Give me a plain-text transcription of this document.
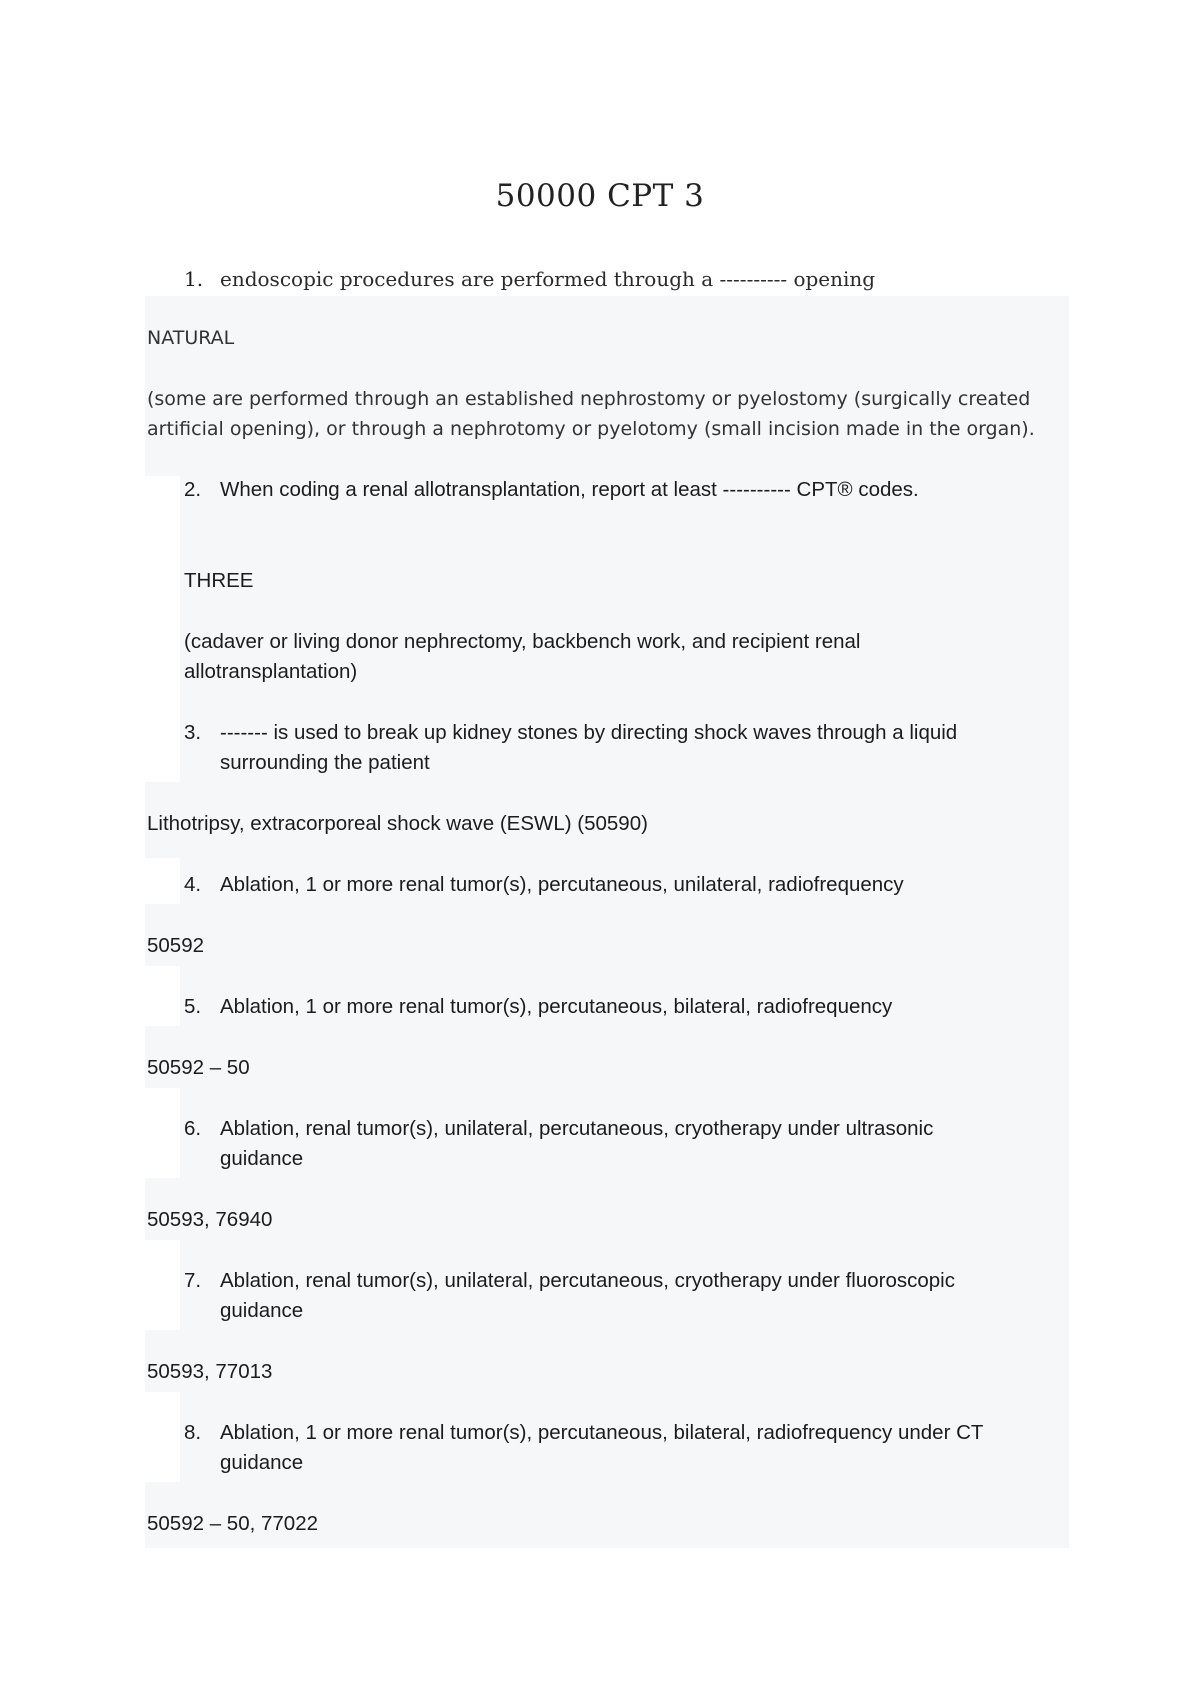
50000 CPT 3
1. endoscopic procedures are performed through a ---------- opening
NATURAL
(some are performed through an established nephrostomy or pyelostomy (surgically created
artificial opening), or through a nephrotomy or pyelotomy (small incision made in the organ).
2. When coding a renal allotransplantation, report at least ---------- CPT® codes.
THREE
(cadaver or living donor nephrectomy, backbench work, and recipient renal
allotransplantation)
3. ------- is used to break up kidney stones by directing shock waves through a liquid
surrounding the patient
Lithotripsy, extracorporeal shock wave (ESWL) (50590)
4. Ablation, 1 or more renal tumor(s), percutaneous, unilateral, radiofrequency
50592
5. Ablation, 1 or more renal tumor(s), percutaneous, bilateral, radiofrequency
50592 – 50
6. Ablation, renal tumor(s), unilateral, percutaneous, cryotherapy under ultrasonic
guidance
50593, 76940
7. Ablation, renal tumor(s), unilateral, percutaneous, cryotherapy under fluoroscopic
guidance
50593, 77013
8. Ablation, 1 or more renal tumor(s), percutaneous, bilateral, radiofrequency under CT
guidance
50592 – 50, 77022
